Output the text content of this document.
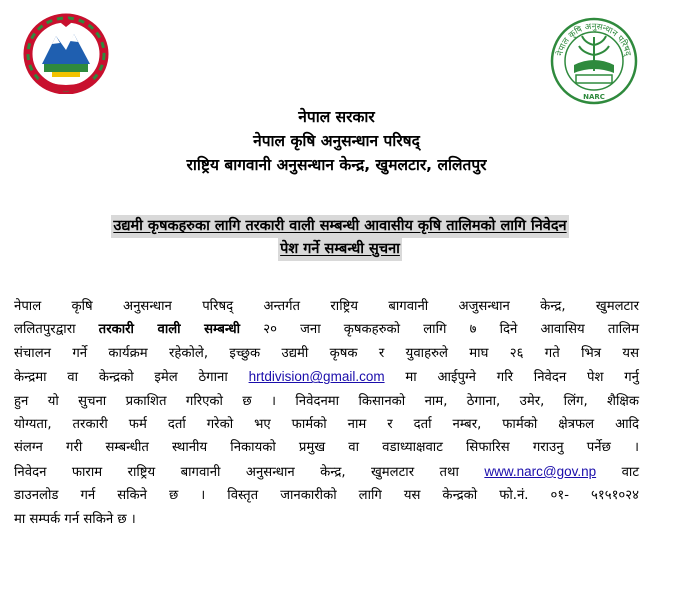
नेपाल कृषि अनुसन्धान परिषद्
NARC
नेपाल सरकार
नेपाल कृषि अनुसन्धान परिषद्
राष्ट्रिय बागवानी अनुसन्धान केन्द्र, खुमलटार, ललितपुर
उद्यमी कृषकहरुका लागि तरकारी वाली सम्बन्धी आवासीय कृषि तालिमको लागि निवेदन
पेश गर्ने सम्बन्धी सुचना
नेपाल कृषि अनुसन्धान परिषद् अन्तर्गत राष्ट्रिय बागवानी अजुसन्धान केन्द्र, खुमलटार
ललितपुरद्वारा तरकारी वाली सम्बन्धी २० जना कृषकहरुको लागि ७ दिने आवासिय तालिम
संचालन गर्ने कार्यक्रम रहेकोले, इच्छुक उद्यमी कृषक र युवाहरुले माघ २६ गते भित्र यस
केन्द्रमा वा केन्द्रको इमेल ठेगाना hrtdivision@gmail.com मा आईपुग्ने गरि निवेदन पेश गर्नु
हुन यो सुचना प्रकाशित गरिएको छ । निवेदनमा किसानको नाम, ठेगाना, उमेर, लिंग, शैक्षिक
योग्यता, तरकारी फर्म दर्ता गरेको भए फार्मको नाम र दर्ता नम्बर, फार्मको क्षेत्रफल आदि
संलग्न गरी सम्बन्धीत स्थानीय निकायको प्रमुख वा वडाध्याक्षवाट सिफारिस गराउनु पर्नेछ ।
निवेदन फाराम राष्ट्रिय बागवानी अनुसन्धान केन्द्र, खुमलटार तथा www.narc@gov.np वाट
डाउनलोड गर्न सकिने छ । विस्तृत जानकारीको लागि यस केन्द्रको फो.नं. ०१- ५१५१०२४
मा सम्पर्क गर्न सकिने छ ।
